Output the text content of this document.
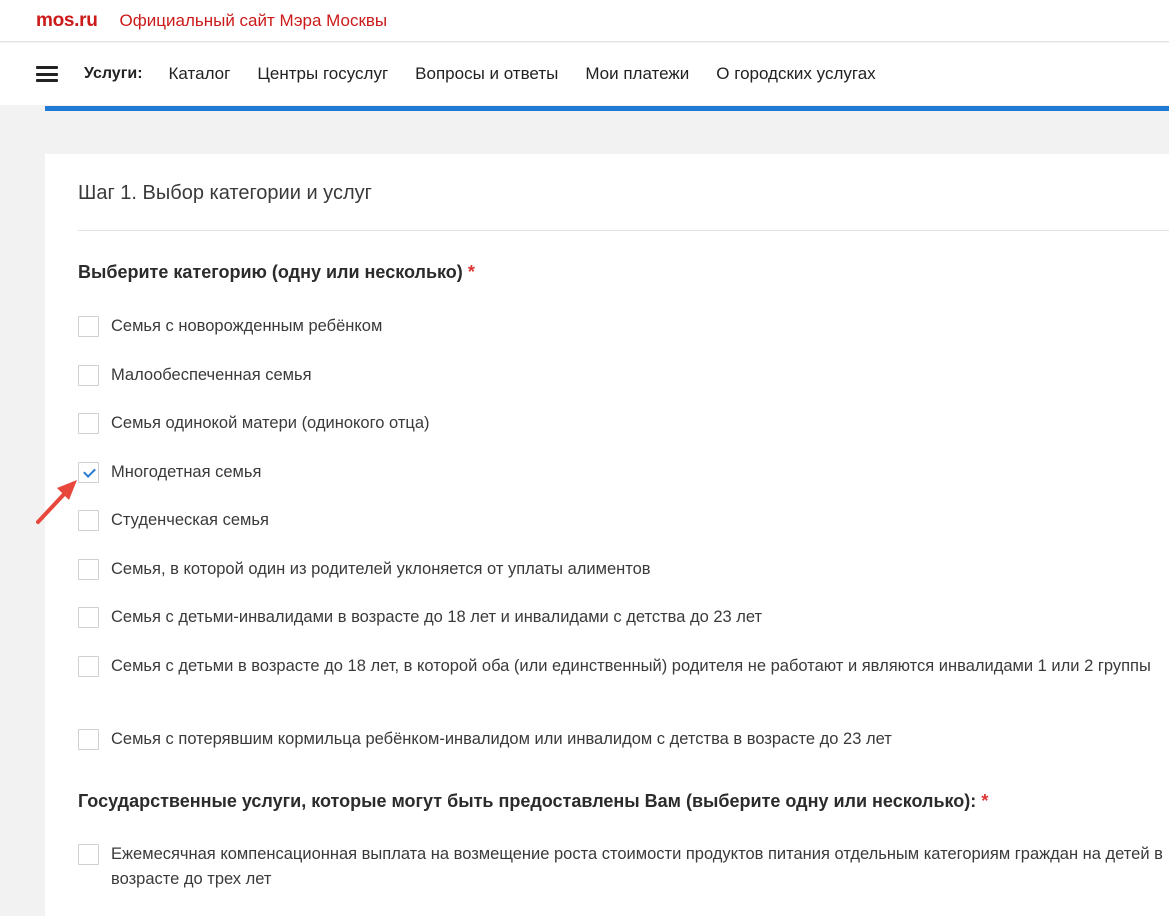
mos.ru Официальный сайт Мэра Москвы
Услуги: Каталог Центры госуслуг Вопросы и ответы Мои платежи О городских услугах
Шаг 1. Выбор категории и услуг
Выберите категорию (одну или несколько) *
Семья с новорожденным ребёнком
Малообеспеченная семья
Семья одинокой матери (одинокого отца)
Многодетная семья
Студенческая семья
Семья, в которой один из родителей уклоняется от уплаты алиментов
Семья с детьми-инвалидами в возрасте до 18 лет и инвалидами с детства до 23 лет
Семья с детьми в возрасте до 18 лет, в которой оба (или единственный) родителя не работают и являются инвалидами 1 или 2 группы
Семья с потерявшим кормильца ребёнком-инвалидом или инвалидом с детства в возрасте до 23 лет
Государственные услуги, которые могут быть предоставлены Вам (выберите одну или несколько): *
Ежемесячная компенсационная выплата на возмещение роста стоимости продуктов питания отдельным категориям граждан на детей в возрасте до трех лет
